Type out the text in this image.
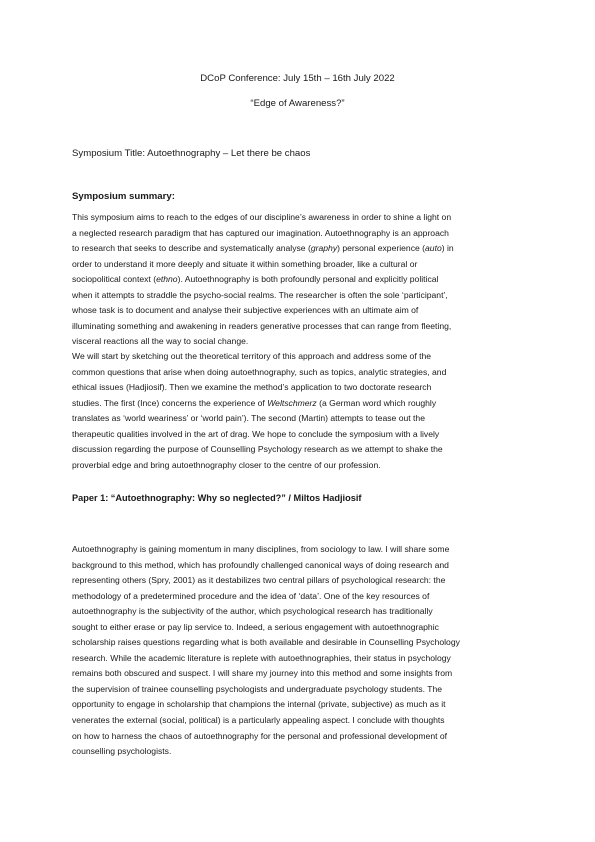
DCoP Conference: July 15th – 16th July 2022
“Edge of Awareness?”
Symposium Title: Autoethnography – Let there be chaos
Symposium summary:
This symposium aims to reach to the edges of our discipline’s awareness in order to shine a light on
a neglected research paradigm that has captured our imagination. Autoethnography is an approach
to research that seeks to describe and systematically analyse (graphy) personal experience (auto) in
order to understand it more deeply and situate it within something broader, like a cultural or
sociopolitical context (ethno). Autoethnography is both profoundly personal and explicitly political
when it attempts to straddle the psycho-social realms. The researcher is often the sole ‘participant’,
whose task is to document and analyse their subjective experiences with an ultimate aim of
illuminating something and awakening in readers generative processes that can range from fleeting,
visceral reactions all the way to social change.
We will start by sketching out the theoretical territory of this approach and address some of the
common questions that arise when doing autoethnography, such as topics, analytic strategies, and
ethical issues (Hadjiosif). Then we examine the method’s application to two doctorate research
studies. The first (Ince) concerns the experience of Weltschmerz (a German word which roughly
translates as ‘world weariness’ or ‘world pain’). The second (Martin) attempts to tease out the
therapeutic qualities involved in the art of drag. We hope to conclude the symposium with a lively
discussion regarding the purpose of Counselling Psychology research as we attempt to shake the
proverbial edge and bring autoethnography closer to the centre of our profession.
Paper 1: “Autoethnography: Why so neglected?” / Miltos Hadjiosif
Autoethnography is gaining momentum in many disciplines, from sociology to law. I will share some
background to this method, which has profoundly challenged canonical ways of doing research and
representing others (Spry, 2001) as it destabilizes two central pillars of psychological research: the
methodology of a predetermined procedure and the idea of ‘data’. One of the key resources of
autoethnography is the subjectivity of the author, which psychological research has traditionally
sought to either erase or pay lip service to. Indeed, a serious engagement with autoethnographic
scholarship raises questions regarding what is both available and desirable in Counselling Psychology
research. While the academic literature is replete with autoethnographies, their status in psychology
remains both obscured and suspect. I will share my journey into this method and some insights from
the supervision of trainee counselling psychologists and undergraduate psychology students. The
opportunity to engage in scholarship that champions the internal (private, subjective) as much as it
venerates the external (social, political) is a particularly appealing aspect. I conclude with thoughts
on how to harness the chaos of autoethnography for the personal and professional development of
counselling psychologists.
